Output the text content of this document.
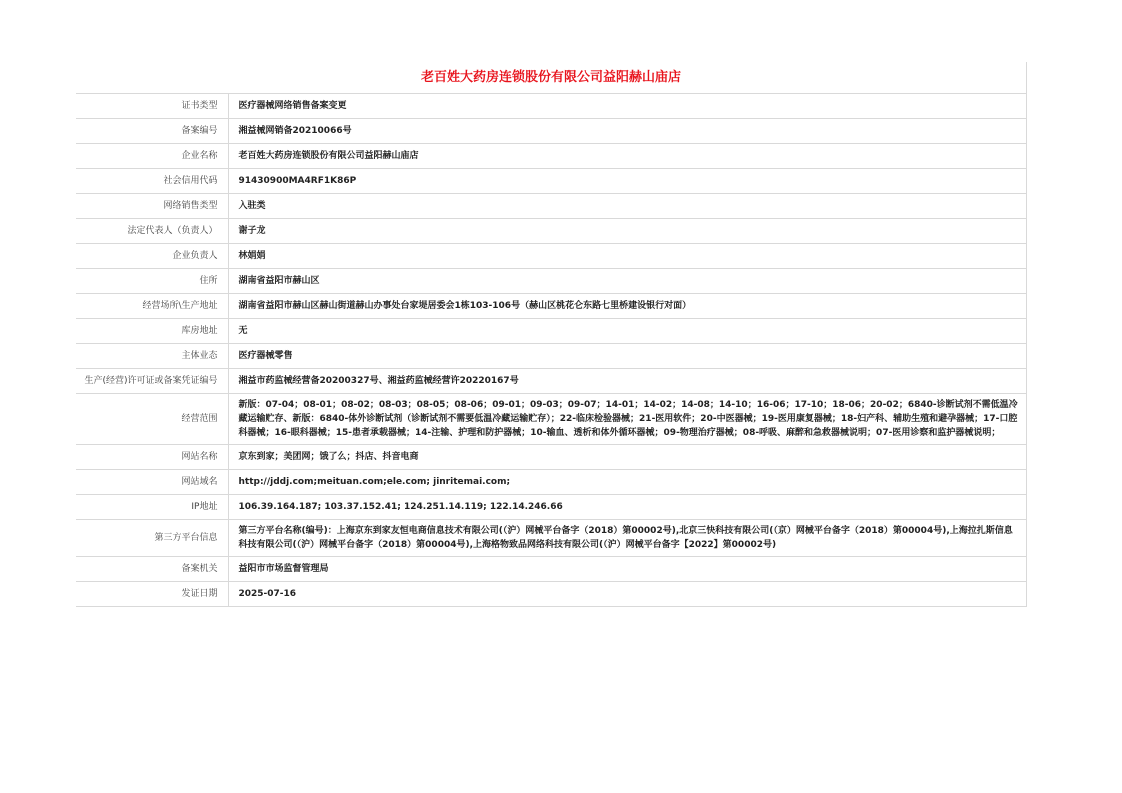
老百姓大药房连锁股份有限公司益阳赫山庙店
证书类型	医疗器械网络销售备案变更
备案编号	湘益械网销备20210066号
企业名称	老百姓大药房连锁股份有限公司益阳赫山庙店
社会信用代码	91430900MA4RF1K86P
网络销售类型	入驻类
法定代表人（负责人）	谢子龙
企业负责人	林娟娟
住所	湖南省益阳市赫山区
经营场所\生产地址	湖南省益阳市赫山区赫山街道赫山办事处台家堤居委会1栋103-106号（赫山区桃花仑东路七里桥建设银行对面）
库房地址	无
主体业态	医疗器械零售
生产(经营)许可证或备案凭证编号	湘益市药监械经营备20200327号、湘益药监械经营许20220167号
经营范围	新版：07-04；08-01；08-02；08-03；08-05；08-06；09-01；09-03；09-07；14-01；14-02；14-08；14-10；16-06；17-10；18-06；20-02；6840-诊断试剂不需低温冷藏运输贮存、新版：6840-体外诊断试剂（诊断试剂不需要低温冷藏运输贮存）；22-临床检验器械；21-医用软件；20-中医器械；19-医用康复器械；18-妇产科、辅助生殖和避孕器械；17-口腔科器械；16-眼科器械；15-患者承载器械；14-注输、护理和防护器械；10-输血、透析和体外循环器械；09-物理治疗器械；08-呼吸、麻醉和急救器械说明；07-医用诊察和监护器械说明；
网站名称	京东到家；美团网；饿了么；抖店、抖音电商
网站域名	http://jddj.com;meituan.com;ele.com; jinritemai.com;
IP地址	106.39.164.187; 103.37.152.41; 124.251.14.119; 122.14.246.66
第三方平台信息	第三方平台名称(编号)：上海京东到家友恒电商信息技术有限公司(（沪）网械平台备字（2018）第00002号),北京三快科技有限公司(（京）网械平台备字（2018）第00004号),上海拉扎斯信息科技有限公司(（沪）网械平台备字（2018）第00004号),上海格物致品网络科技有限公司(（沪）网械平台备字【2022】第00002号)
备案机关	益阳市市场监督管理局
发证日期	2025-07-16
